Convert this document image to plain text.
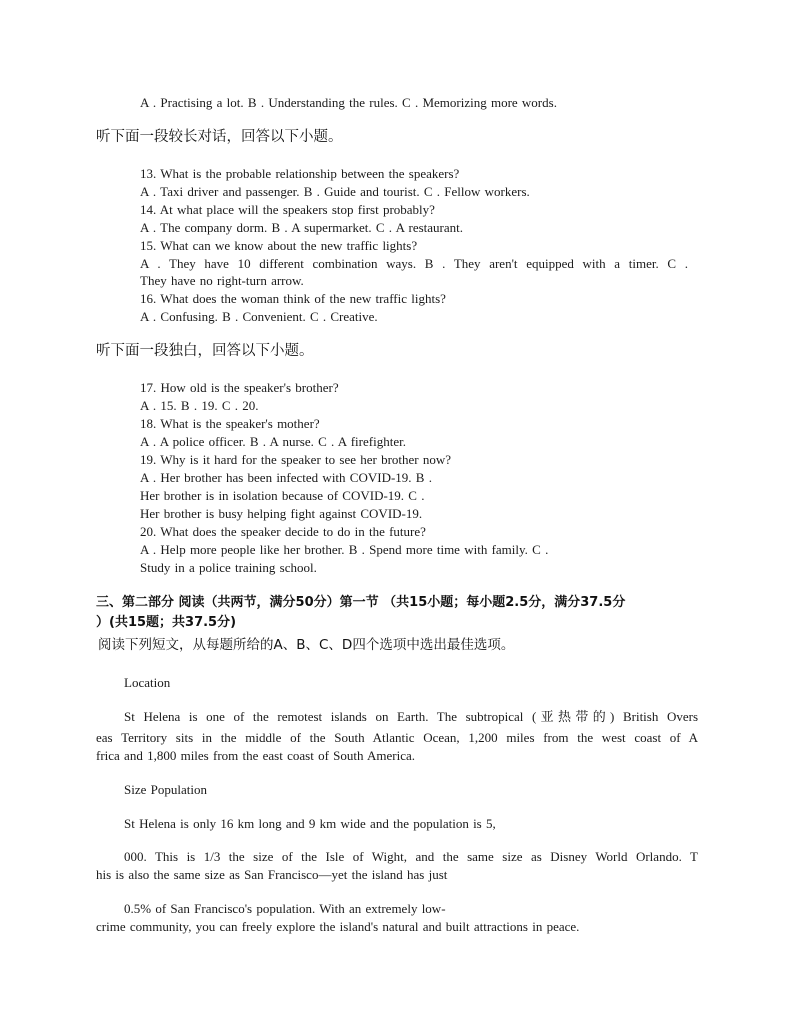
A . Practising a lot. B . Understanding the rules. C . Memorizing more words.
听下面一段较长对话，回答以下小题。
13. What is the probable relationship between the speakers?
A . Taxi driver and passenger. B . Guide and tourist. C . Fellow workers.
14. At what place will the speakers stop first probably?
A . The company dorm. B . A supermarket. C . A restaurant.
15. What can we know about the new traffic lights?
A . They have 10 different combination ways. B . They aren't equipped with a timer. C .
They have no right-turn arrow.
16. What does the woman think of the new traffic lights?
A . Confusing. B . Convenient. C . Creative.
听下面一段独白，回答以下小题。
17. How old is the speaker's brother?
A . 15. B . 19. C . 20.
18. What is the speaker's mother?
A . A police officer. B . A nurse. C . A firefighter.
19. Why is it hard for the speaker to see her brother now?
A . Her brother has been infected with COVID-19. B .
Her brother is in isolation because of COVID-19. C .
Her brother is busy helping fight against COVID-19.
20. What does the speaker decide to do in the future?
A . Help more people like her brother. B . Spend more time with family. C .
Study in a police training school.
三、第二部分 阅读（共两节，满分50分）第一节 （共15小题；每小题2.5分，满分37.5分
）(共15题；共37.5分)
阅读下列短文，从每题所给的A、B、C、D四个选项中选出最佳选项。
Location
St Helena is one of the remotest islands on Earth. The subtropical (亚热带的) British Overs
eas Territory sits in the middle of the South Atlantic Ocean, 1,200 miles from the west coast of A
frica and 1,800 miles from the east coast of South America.
Size Population
St Helena is only 16 km long and 9 km wide and the population is 5,
000. This is 1/3 the size of the Isle of Wight, and the same size as Disney World Orlando. T
his is also the same size as San Francisco—yet the island has just
0.5% of San Francisco's population. With an extremely low-
crime community, you can freely explore the island's natural and built attractions in peace.
